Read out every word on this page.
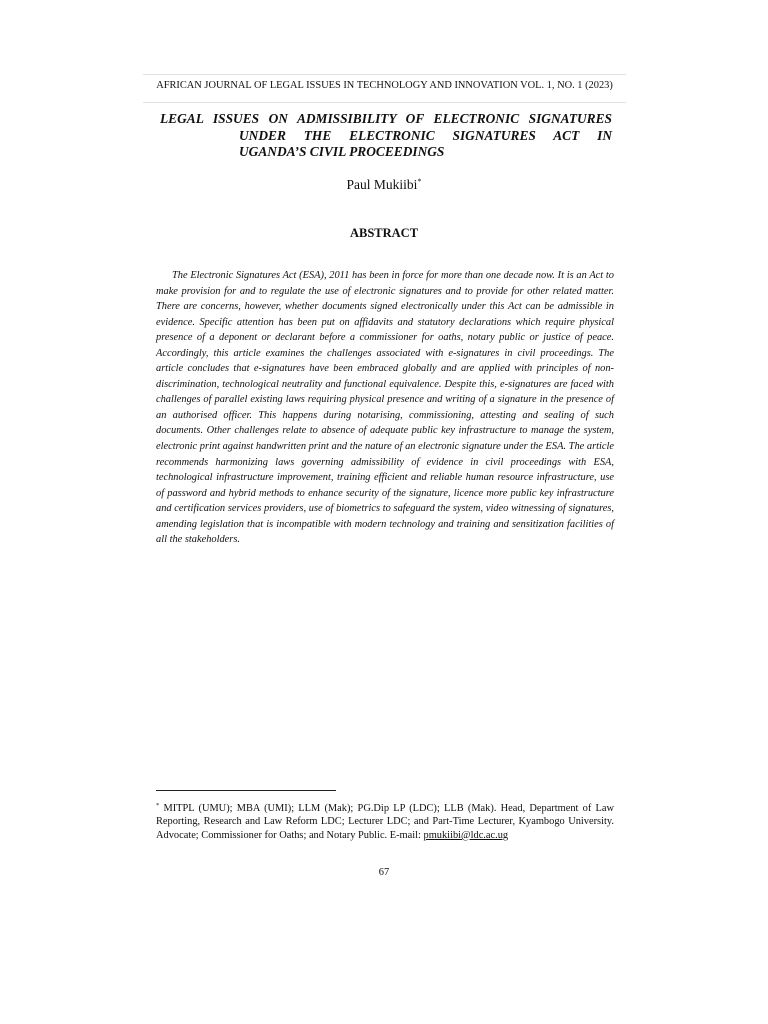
AFRICAN JOURNAL OF LEGAL ISSUES IN TECHNOLOGY AND INNOVATION VOL. 1, NO. 1 (2023)
LEGAL ISSUES ON ADMISSIBILITY OF ELECTRONIC SIGNATURES
UNDER THE ELECTRONIC SIGNATURES ACT IN
UGANDA’S CIVIL PROCEEDINGS
Paul Mukiibi*
ABSTRACT

The Electronic Signatures Act (ESA), 2011 has been in force for more than one decade now. It is an Act to make provision for and to regulate the use of electronic signatures and to provide for other related matter. There are concerns, however, whether documents signed electronically under this Act can be admissible in evidence. Specific attention has been put on affidavits and statutory declarations which require physical presence of a deponent or declarant before a commissioner for oaths, notary public or justice of peace. Accordingly, this article examines the challenges associated with e-signatures in civil proceedings. The article concludes that e-signatures have been embraced globally and are applied with principles of non-discrimination, technological neutrality and functional equivalence. Despite this, e-signatures are faced with challenges of parallel existing laws requiring physical presence and writing of a signature in the presence of an authorised officer. This happens during notarising, commissioning, attesting and sealing of such documents. Other challenges relate to absence of adequate public key infrastructure to manage the system, electronic print against handwritten print and the nature of an electronic signature under the ESA. The article recommends harmonizing laws governing admissibility of evidence in civil proceedings with ESA, technological infrastructure improvement, training efficient and reliable human resource infrastructure, use of password and hybrid methods to enhance security of the signature, licence more public key infrastructure and certification services providers, use of biometrics to safeguard the system, video witnessing of signatures, amending legislation that is incompatible with modern technology and training and sensitization facilities of all the stakeholders.

* MITPL (UMU); MBA (UMI); LLM (Mak); PG.Dip LP (LDC); LLB (Mak). Head, Department of Law Reporting, Research and Law Reform LDC; Lecturer LDC; and Part-Time Lecturer, Kyambogo University. Advocate; Commissioner for Oaths; and Notary Public. E-mail: pmukiibi@ldc.ac.ug

67
